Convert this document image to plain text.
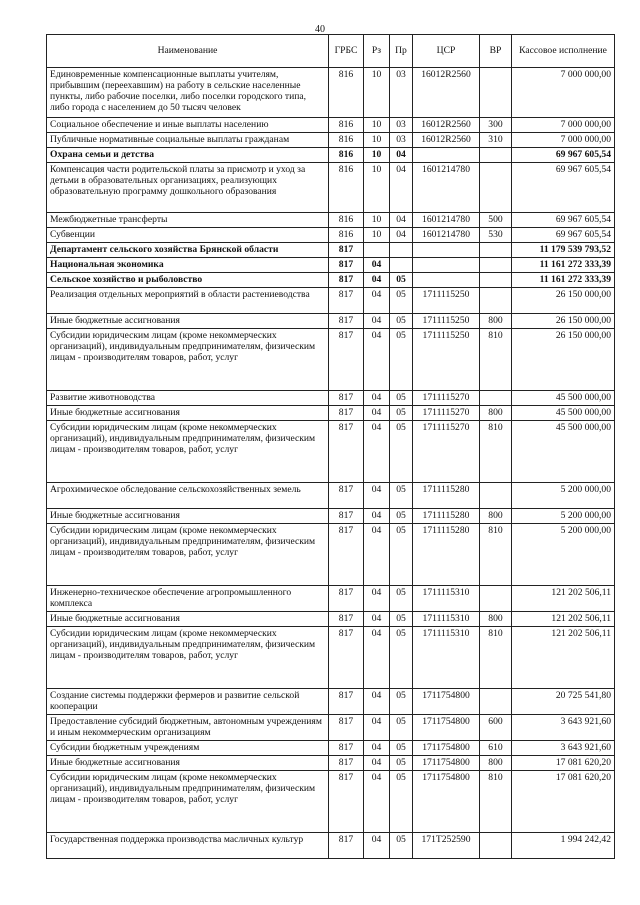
40
Наименование	ГРБС	Рз	Пр	ЦСР	ВР	Кассовое исполнение
Единовременные компенсационные выплаты учителям, прибывшим (переехавшим) на работу в сельские населенные пункты, либо рабочие поселки, либо поселки городского типа, либо города с населением до 50 тысяч человек	816	10	03	16012R2560		7 000 000,00
Социальное обеспечение и иные выплаты населению	816	10	03	16012R2560	300	7 000 000,00
Публичные нормативные социальные выплаты гражданам	816	10	03	16012R2560	310	7 000 000,00
Охрана семьи и детства	816	10	04			69 967 605,54
Компенсация части родительской платы за присмотр и уход за детьми в образовательных организациях, реализующих образовательную программу дошкольного образования	816	10	04	1601214780		69 967 605,54
Межбюджетные трансферты	816	10	04	1601214780	500	69 967 605,54
Субвенции	816	10	04	1601214780	530	69 967 605,54
Департамент сельского хозяйства Брянской области	817					11 179 539 793,52
Национальная экономика	817	04				11 161 272 333,39
Сельское хозяйство и рыболовство	817	04	05			11 161 272 333,39
Реализация отдельных мероприятий в области растениеводства	817	04	05	1711115250		26 150 000,00
Иные бюджетные ассигнования	817	04	05	1711115250	800	26 150 000,00
Субсидии юридическим лицам (кроме некоммерческих организаций), индивидуальным предпринимателям, физическим лицам - производителям товаров, работ, услуг	817	04	05	1711115250	810	26 150 000,00
Развитие животноводства	817	04	05	1711115270		45 500 000,00
Иные бюджетные ассигнования	817	04	05	1711115270	800	45 500 000,00
Субсидии юридическим лицам (кроме некоммерческих организаций), индивидуальным предпринимателям, физическим лицам - производителям товаров, работ, услуг	817	04	05	1711115270	810	45 500 000,00
Агрохимическое обследование сельскохозяйственных земель	817	04	05	1711115280		5 200 000,00
Иные бюджетные ассигнования	817	04	05	1711115280	800	5 200 000,00
Субсидии юридическим лицам (кроме некоммерческих организаций), индивидуальным предпринимателям, физическим лицам - производителям товаров, работ, услуг	817	04	05	1711115280	810	5 200 000,00
Инженерно-техническое обеспечение агропромышленного комплекса	817	04	05	1711115310		121 202 506,11
Иные бюджетные ассигнования	817	04	05	1711115310	800	121 202 506,11
Субсидии юридическим лицам (кроме некоммерческих организаций), индивидуальным предпринимателям, физическим лицам - производителям товаров, работ, услуг	817	04	05	1711115310	810	121 202 506,11
Создание системы поддержки фермеров и развитие сельской кооперации	817	04	05	1711754800		20 725 541,80
Предоставление субсидий бюджетным, автономным учреждениям и иным некоммерческим организациям	817	04	05	1711754800	600	3 643 921,60
Субсидии бюджетным учреждениям	817	04	05	1711754800	610	3 643 921,60
Иные бюджетные ассигнования	817	04	05	1711754800	800	17 081 620,20
Субсидии юридическим лицам (кроме некоммерческих организаций), индивидуальным предпринимателям, физическим лицам - производителям товаров, работ, услуг	817	04	05	1711754800	810	17 081 620,20
Государственная поддержка производства масличных культур	817	04	05	171Т252590		1 994 242,42
